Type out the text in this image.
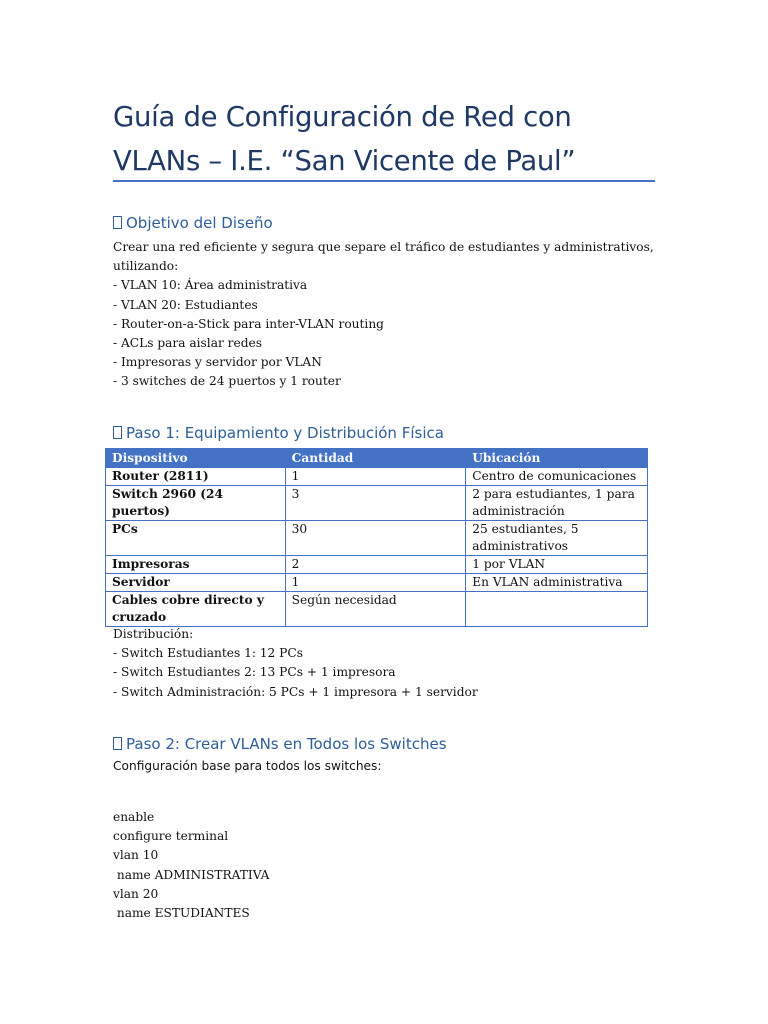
Guía de Configuración de Red con
VLANs – I.E. “San Vicente de Paul”
Objetivo del Diseño
Crear una red eficiente y segura que separe el tráfico de estudiantes y administrativos,
utilizando:
- VLAN 10: Área administrativa
- VLAN 20: Estudiantes
- Router-on-a-Stick para inter-VLAN routing
- ACLs para aislar redes
- Impresoras y servidor por VLAN
- 3 switches de 24 puertos y 1 router
Paso 1: Equipamiento y Distribución Física
Dispositivo	Cantidad	Ubicación
Router (2811)	1	Centro de comunicaciones
Switch 2960 (24 puertos)	3	2 para estudiantes, 1 para administración
PCs	30	25 estudiantes, 5 administrativos
Impresoras	2	1 por VLAN
Servidor	1	En VLAN administrativa
Cables cobre directo y cruzado	Según necesidad	
Distribución:
- Switch Estudiantes 1: 12 PCs
- Switch Estudiantes 2: 13 PCs + 1 impresora
- Switch Administración: 5 PCs + 1 impresora + 1 servidor
Paso 2: Crear VLANs en Todos los Switches
Configuración base para todos los switches:
enable
configure terminal
vlan 10
name ADMINISTRATIVA
vlan 20
name ESTUDIANTES
